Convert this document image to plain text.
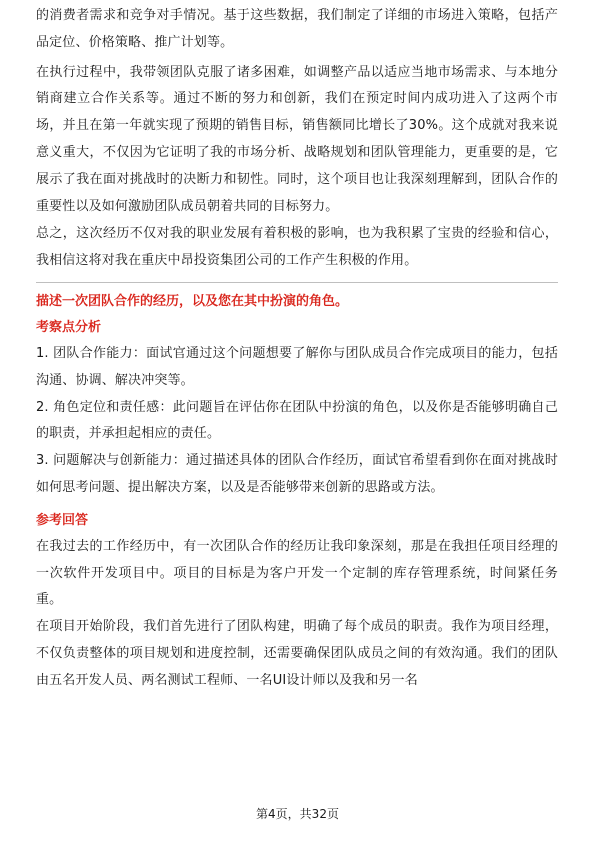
的消费者需求和竞争对手情况。基于这些数据，我们制定了详细的市场进入策略，包括产品定位、价格策略、推广计划等。

在执行过程中，我带领团队克服了诸多困难，如调整产品以适应当地市场需求、与本地分销商建立合作关系等。通过不断的努力和创新，我们在预定时间内成功进入了这两个市场，并且在第一年就实现了预期的销售目标，销售额同比增长了30%。这个成就对我来说意义重大，不仅因为它证明了我的市场分析、战略规划和团队管理能力，更重要的是，它展示了我在面对挑战时的决断力和韧性。同时，这个项目也让我深刻理解到，团队合作的重要性以及如何激励团队成员朝着共同的目标努力。

总之，这次经历不仅对我的职业发展有着积极的影响，也为我积累了宝贵的经验和信心，我相信这将对我在重庆中昂投资集团公司的工作产生积极的作用。

描述一次团队合作的经历，以及您在其中扮演的角色。

考察点分析

1. 团队合作能力：面试官通过这个问题想要了解你与团队成员合作完成项目的能力，包括沟通、协调、解决冲突等。

2. 角色定位和责任感：此问题旨在评估你在团队中扮演的角色，以及你是否能够明确自己的职责，并承担起相应的责任。

3. 问题解决与创新能力：通过描述具体的团队合作经历，面试官希望看到你在面对挑战时如何思考问题、提出解决方案，以及是否能够带来创新的思路或方法。

参考回答

在我过去的工作经历中，有一次团队合作的经历让我印象深刻，那是在我担任项目经理的一次软件开发项目中。项目的目标是为客户开发一个定制的库存管理系统，时间紧任务重。

在项目开始阶段，我们首先进行了团队构建，明确了每个成员的职责。我作为项目经理，不仅负责整体的项目规划和进度控制，还需要确保团队成员之间的有效沟通。我们的团队由五名开发人员、两名测试工程师、一名UI设计师以及我和另一名

第4页，共32页
